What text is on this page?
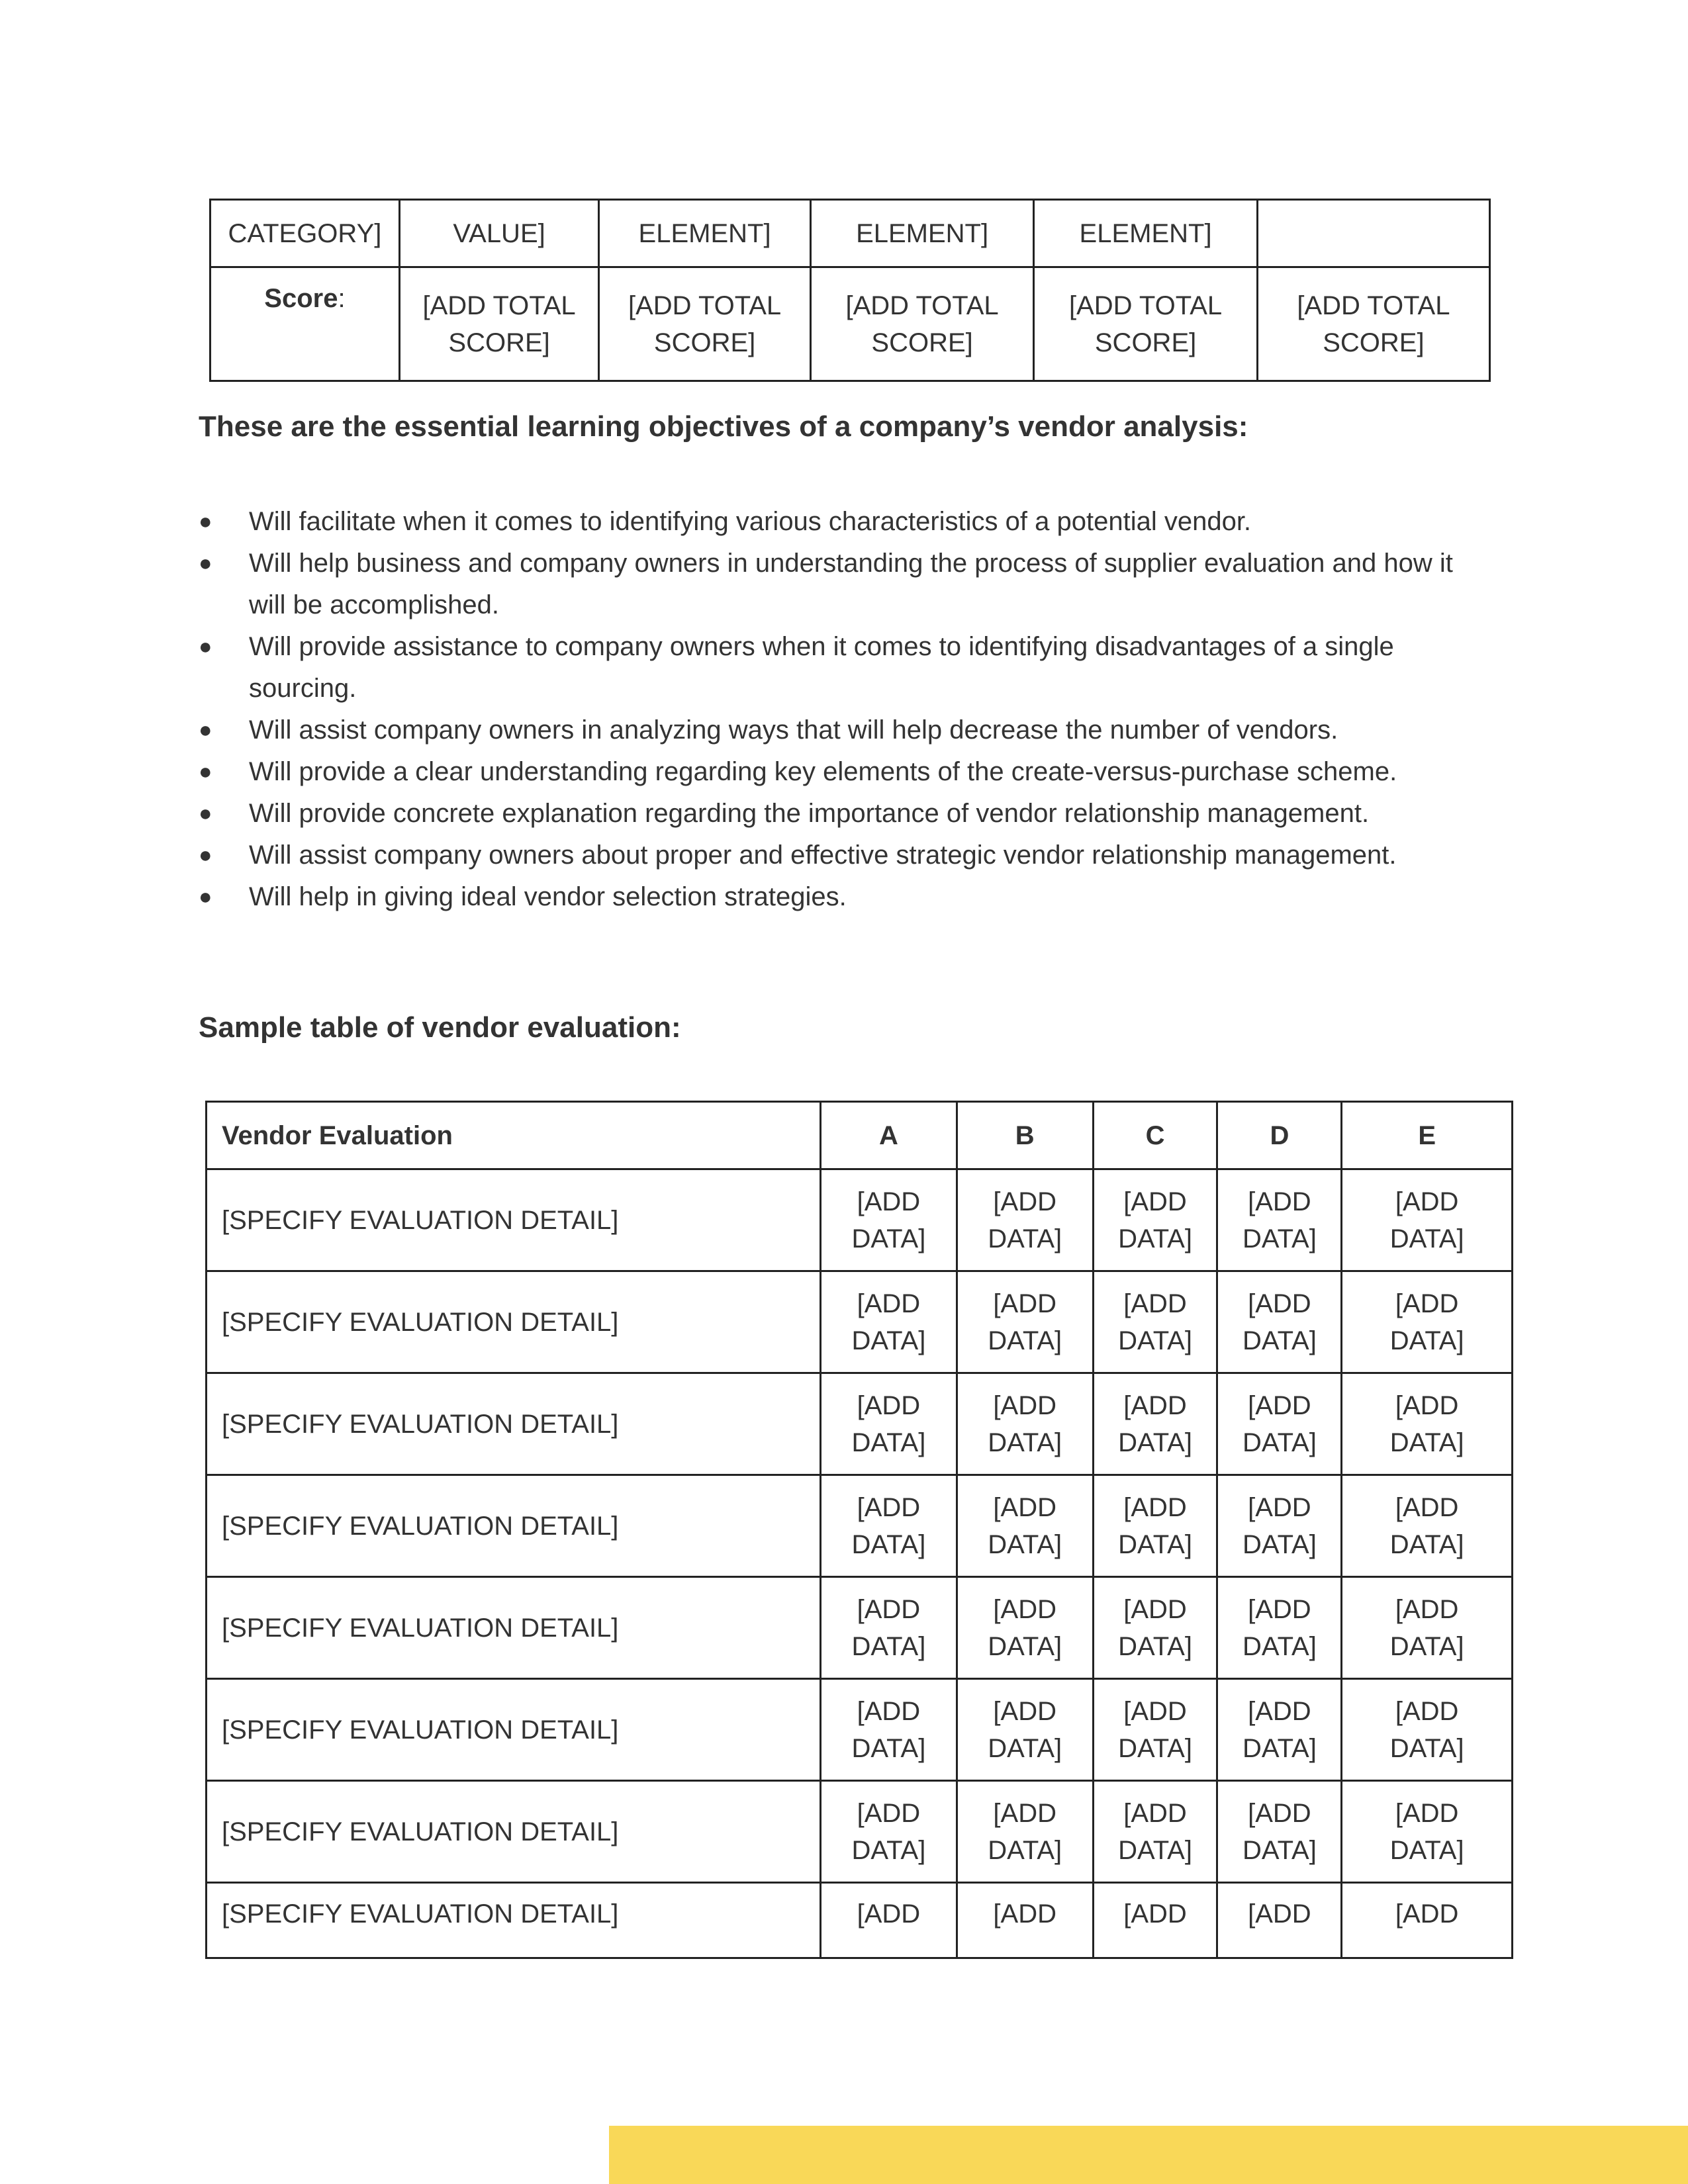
CATEGORY]	VALUE]	ELEMENT]	ELEMENT]	ELEMENT]	
Score:	[ADD TOTAL
SCORE]	[ADD TOTAL
SCORE]	[ADD TOTAL
SCORE]	[ADD TOTAL
SCORE]	[ADD TOTAL
SCORE]
These are the essential learning objectives of a company’s vendor analysis:
● Will facilitate when it comes to identifying various characteristics of a potential vendor.
● Will help business and company owners in understanding the process of supplier evaluation and how it will be accomplished.
● Will provide assistance to company owners when it comes to identifying disadvantages of a single sourcing.
● Will assist company owners in analyzing ways that will help decrease the number of vendors.
● Will provide a clear understanding regarding key elements of the create-versus-purchase scheme.
● Will provide concrete explanation regarding the importance of vendor relationship management.
● Will assist company owners about proper and effective strategic vendor relationship management.
● Will help in giving ideal vendor selection strategies.
Sample table of vendor evaluation:
Vendor Evaluation	A	B	C	D	E
[SPECIFY EVALUATION DETAIL]	[ADD
DATA]	[ADD
DATA]	[ADD
DATA]	[ADD
DATA]	[ADD
DATA]
[SPECIFY EVALUATION DETAIL]	[ADD
DATA]	[ADD
DATA]	[ADD
DATA]	[ADD
DATA]	[ADD
DATA]
[SPECIFY EVALUATION DETAIL]	[ADD
DATA]	[ADD
DATA]	[ADD
DATA]	[ADD
DATA]	[ADD
DATA]
[SPECIFY EVALUATION DETAIL]	[ADD
DATA]	[ADD
DATA]	[ADD
DATA]	[ADD
DATA]	[ADD
DATA]
[SPECIFY EVALUATION DETAIL]	[ADD
DATA]	[ADD
DATA]	[ADD
DATA]	[ADD
DATA]	[ADD
DATA]
[SPECIFY EVALUATION DETAIL]	[ADD
DATA]	[ADD
DATA]	[ADD
DATA]	[ADD
DATA]	[ADD
DATA]
[SPECIFY EVALUATION DETAIL]	[ADD
DATA]	[ADD
DATA]	[ADD
DATA]	[ADD
DATA]	[ADD
DATA]
[SPECIFY EVALUATION DETAIL]	[ADD	[ADD	[ADD	[ADD	[ADD
